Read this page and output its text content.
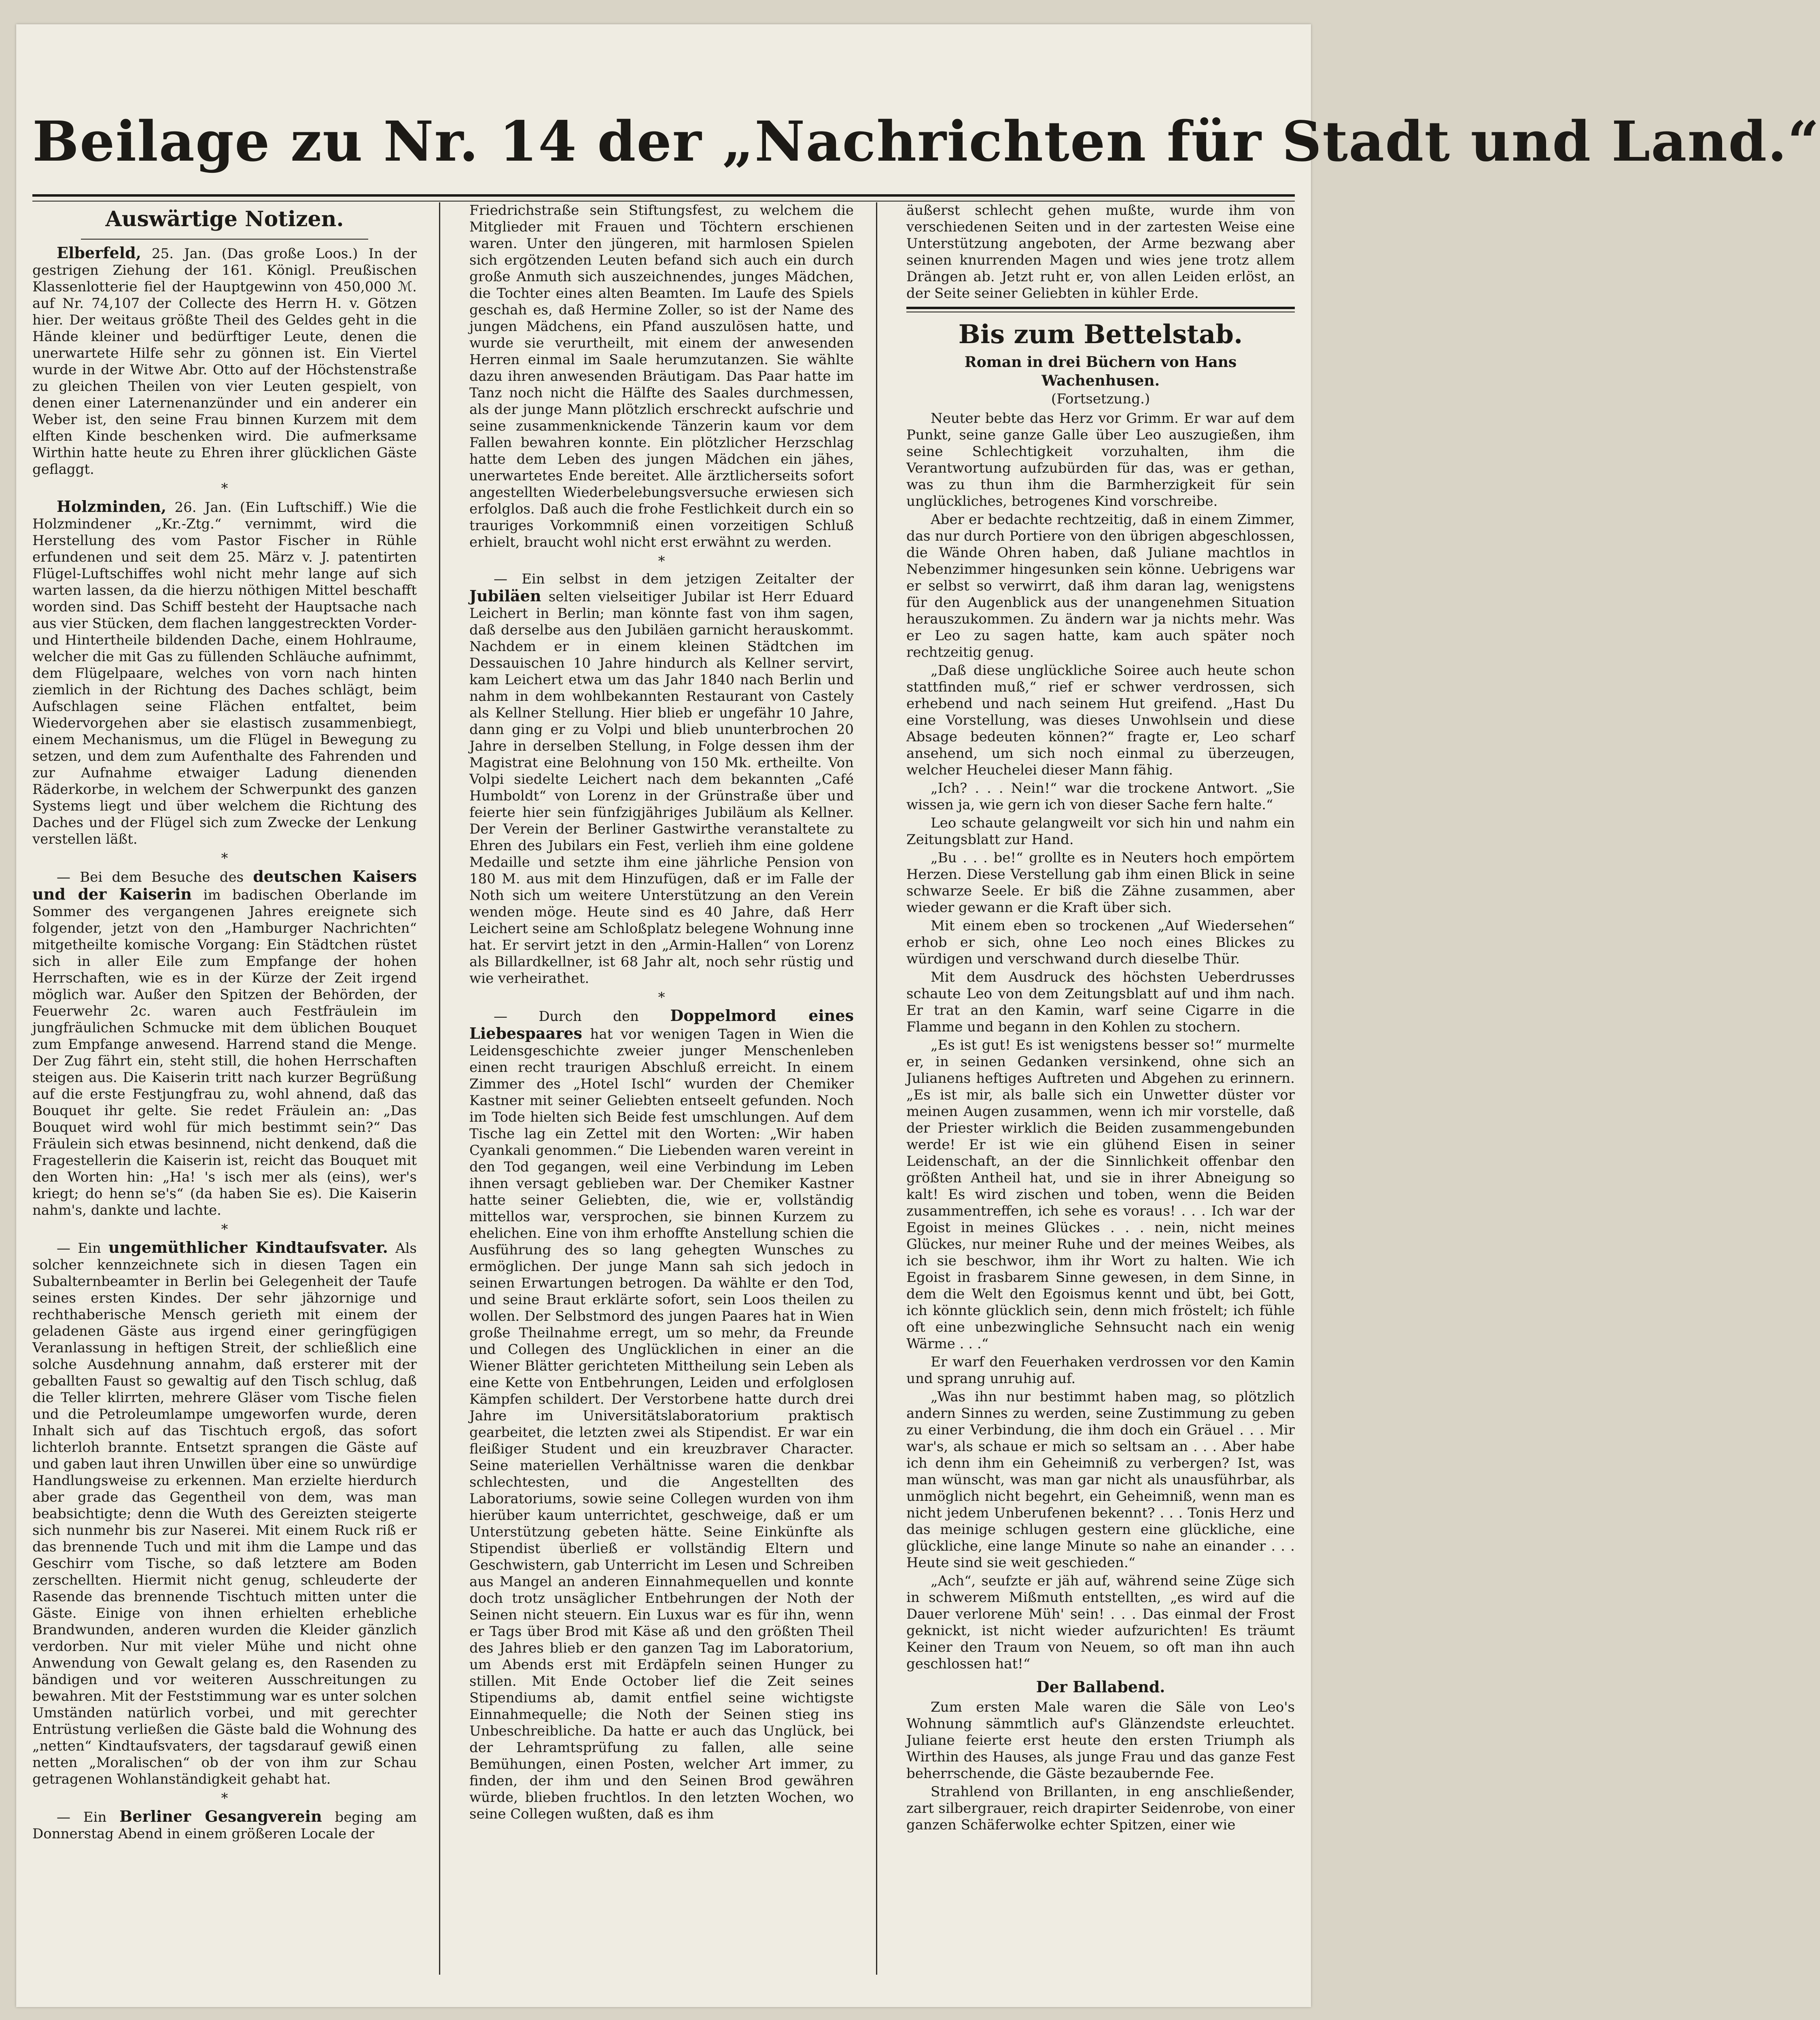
Beilage zu Nr. 14 der „Nachrichten für Stadt und Land.“
Auswärtige Notizen.

Elberfeld, 25. Jan. (Das große Loos.) In der gestrigen Ziehung der 161. Königl. Preußischen Klassenlotterie fiel der Hauptgewinn von 450,000 ℳ. auf Nr. 74,107 der Collecte des Herrn H. v. Götzen hier. Der weitaus größte Theil des Geldes geht in die Hände kleiner und bedürftiger Leute, denen die unerwartete Hilfe sehr zu gönnen ist. Ein Viertel wurde in der Witwe Abr. Otto auf der Höchstenstraße zu gleichen Theilen von vier Leuten gespielt, von denen einer Laternenanzünder und ein anderer ein Weber ist, den seine Frau binnen Kurzem mit dem elften Kinde beschenken wird. Die aufmerksame Wirthin hatte heute zu Ehren ihrer glücklichen Gäste geflaggt.

*

Holzminden, 26. Jan. (Ein Luftschiff.) Wie die Holzmindener „Kr.-Ztg.“ vernimmt, wird die Herstellung des vom Pastor Fischer in Rühle erfundenen und seit dem 25. März v. J. patentirten Flügel-Luftschiffes wohl nicht mehr lange auf sich warten lassen, da die hierzu nöthigen Mittel beschafft worden sind. Das Schiff besteht der Hauptsache nach aus vier Stücken, dem flachen langgestreckten Vorder- und Hintertheile bildenden Dache, einem Hohlraume, welcher die mit Gas zu füllenden Schläuche aufnimmt, dem Flügelpaare, welches von vorn nach hinten ziemlich in der Richtung des Daches schlägt, beim Aufschlagen seine Flächen entfaltet, beim Wiedervorgehen aber sie elastisch zusammenbiegt, einem Mechanismus, um die Flügel in Bewegung zu setzen, und dem zum Aufenthalte des Fahrenden und zur Aufnahme etwaiger Ladung dienenden Räderkorbe, in welchem der Schwerpunkt des ganzen Systems liegt und über welchem die Richtung des Daches und der Flügel sich zum Zwecke der Lenkung verstellen läßt.

*

— Bei dem Besuche des deutschen Kaisers und der Kaiserin im badischen Oberlande im Sommer des vergangenen Jahres ereignete sich folgender, jetzt von den „Hamburger Nachrichten“ mitgetheilte komische Vorgang: Ein Städtchen rüstet sich in aller Eile zum Empfange der hohen Herrschaften, wie es in der Kürze der Zeit irgend möglich war. Außer den Spitzen der Behörden, der Feuerwehr 2c. waren auch Festfräulein im jungfräulichen Schmucke mit dem üblichen Bouquet zum Empfange anwesend. Harrend stand die Menge. Der Zug fährt ein, steht still, die hohen Herrschaften steigen aus. Die Kaiserin tritt nach kurzer Begrüßung auf die erste Festjungfrau zu, wohl ahnend, daß das Bouquet ihr gelte. Sie redet Fräulein an: „Das Bouquet wird wohl für mich bestimmt sein?“ Das Fräulein sich etwas besinnend, nicht denkend, daß die Fragestellerin die Kaiserin ist, reicht das Bouquet mit den Worten hin: „Ha! 's isch mer als (eins), wer's kriegt; do henn se's“ (da haben Sie es). Die Kaiserin nahm's, dankte und lachte.

*

— Ein ungemüthlicher Kindtaufsvater. Als solcher kennzeichnete sich in diesen Tagen ein Subalternbeamter in Berlin bei Gelegenheit der Taufe seines ersten Kindes. Der sehr jähzornige und rechthaberische Mensch gerieth mit einem der geladenen Gäste aus irgend einer geringfügigen Veranlassung in heftigen Streit, der schließlich eine solche Ausdehnung annahm, daß ersterer mit der geballten Faust so gewaltig auf den Tisch schlug, daß die Teller klirrten, mehrere Gläser vom Tische fielen und die Petroleumlampe umgeworfen wurde, deren Inhalt sich auf das Tischtuch ergoß, das sofort lichterloh brannte. Entsetzt sprangen die Gäste auf und gaben laut ihren Unwillen über eine so unwürdige Handlungsweise zu erkennen. Man erzielte hierdurch aber grade das Gegentheil von dem, was man beabsichtigte; denn die Wuth des Gereizten steigerte sich nunmehr bis zur Naserei. Mit einem Ruck riß er das brennende Tuch und mit ihm die Lampe und das Geschirr vom Tische, so daß letztere am Boden zerschellten. Hiermit nicht genug, schleuderte der Rasende das brennende Tischtuch mitten unter die Gäste. Einige von ihnen erhielten erhebliche Brandwunden, anderen wurden die Kleider gänzlich verdorben. Nur mit vieler Mühe und nicht ohne Anwendung von Gewalt gelang es, den Rasenden zu bändigen und vor weiteren Ausschreitungen zu bewahren. Mit der Feststimmung war es unter solchen Umständen natürlich vorbei, und mit gerechter Entrüstung verließen die Gäste bald die Wohnung des „netten“ Kindtaufsvaters, der tagsdarauf gewiß einen netten „Moralischen“ ob der von ihm zur Schau getragenen Wohlanständigkeit gehabt hat.

*

— Ein Berliner Gesangverein beging am Donnerstag Abend in einem größeren Locale der

Friedrichstraße sein Stiftungsfest, zu welchem die Mitglieder mit Frauen und Töchtern erschienen waren. Unter den jüngeren, mit harmlosen Spielen sich ergötzenden Leuten befand sich auch ein durch große Anmuth sich auszeichnendes, junges Mädchen, die Tochter eines alten Beamten. Im Laufe des Spiels geschah es, daß Hermine Zoller, so ist der Name des jungen Mädchens, ein Pfand auszulösen hatte, und wurde sie verurtheilt, mit einem der anwesenden Herren einmal im Saale herumzutanzen. Sie wählte dazu ihren anwesenden Bräutigam. Das Paar hatte im Tanz noch nicht die Hälfte des Saales durchmessen, als der junge Mann plötzlich erschreckt aufschrie und seine zusammenknickende Tänzerin kaum vor dem Fallen bewahren konnte. Ein plötzlicher Herzschlag hatte dem Leben des jungen Mädchen ein jähes, unerwartetes Ende bereitet. Alle ärztlicherseits sofort angestellten Wiederbelebungsversuche erwiesen sich erfolglos. Daß auch die frohe Festlichkeit durch ein so trauriges Vorkommniß einen vorzeitigen Schluß erhielt, braucht wohl nicht erst erwähnt zu werden.

*

— Ein selbst in dem jetzigen Zeitalter der Jubiläen selten vielseitiger Jubilar ist Herr Eduard Leichert in Berlin; man könnte fast von ihm sagen, daß derselbe aus den Jubiläen garnicht herauskommt. Nachdem er in einem kleinen Städtchen im Dessauischen 10 Jahre hindurch als Kellner servirt, kam Leichert etwa um das Jahr 1840 nach Berlin und nahm in dem wohlbekannten Restaurant von Castely als Kellner Stellung. Hier blieb er ungefähr 10 Jahre, dann ging er zu Volpi und blieb ununterbrochen 20 Jahre in derselben Stellung, in Folge dessen ihm der Magistrat eine Belohnung von 150 Mk. ertheilte. Von Volpi siedelte Leichert nach dem bekannten „Café Humboldt“ von Lorenz in der Grünstraße über und feierte hier sein fünfzigjähriges Jubiläum als Kellner. Der Verein der Berliner Gastwirthe veranstaltete zu Ehren des Jubilars ein Fest, verlieh ihm eine goldene Medaille und setzte ihm eine jährliche Pension von 180 M. aus mit dem Hinzufügen, daß er im Falle der Noth sich um weitere Unterstützung an den Verein wenden möge. Heute sind es 40 Jahre, daß Herr Leichert seine am Schloßplatz belegene Wohnung inne hat. Er servirt jetzt in den „Armin-Hallen“ von Lorenz als Billardkellner, ist 68 Jahr alt, noch sehr rüstig und wie verheirathet.

*

— Durch den Doppelmord eines Liebespaares hat vor wenigen Tagen in Wien die Leidensgeschichte zweier junger Menschenleben einen recht traurigen Abschluß erreicht. In einem Zimmer des „Hotel Ischl“ wurden der Chemiker Kastner mit seiner Geliebten entseelt gefunden. Noch im Tode hielten sich Beide fest umschlungen. Auf dem Tische lag ein Zettel mit den Worten: „Wir haben Cyankali genommen.“ Die Liebenden waren vereint in den Tod gegangen, weil eine Verbindung im Leben ihnen versagt geblieben war. Der Chemiker Kastner hatte seiner Geliebten, die, wie er, vollständig mittellos war, versprochen, sie binnen Kurzem zu ehelichen. Eine von ihm erhoffte Anstellung schien die Ausführung des so lang gehegten Wunsches zu ermöglichen. Der junge Mann sah sich jedoch in seinen Erwartungen betrogen. Da wählte er den Tod, und seine Braut erklärte sofort, sein Loos theilen zu wollen. Der Selbstmord des jungen Paares hat in Wien große Theilnahme erregt, um so mehr, da Freunde und Collegen des Unglücklichen in einer an die Wiener Blätter gerichteten Mittheilung sein Leben als eine Kette von Entbehrungen, Leiden und erfolglosen Kämpfen schildert. Der Verstorbene hatte durch drei Jahre im Universitätslaboratorium praktisch gearbeitet, die letzten zwei als Stipendist. Er war ein fleißiger Student und ein kreuzbraver Character. Seine materiellen Verhältnisse waren die denkbar schlechtesten, und die Angestellten des Laboratoriums, sowie seine Collegen wurden von ihm hierüber kaum unterrichtet, geschweige, daß er um Unterstützung gebeten hätte. Seine Einkünfte als Stipendist überließ er vollständig Eltern und Geschwistern, gab Unterricht im Lesen und Schreiben aus Mangel an anderen Einnahmequellen und konnte doch trotz unsäglicher Entbehrungen der Noth der Seinen nicht steuern. Ein Luxus war es für ihn, wenn er Tags über Brod mit Käse aß und den größten Theil des Jahres blieb er den ganzen Tag im Laboratorium, um Abends erst mit Erdäpfeln seinen Hunger zu stillen. Mit Ende October lief die Zeit seines Stipendiums ab, damit entfiel seine wichtigste Einnahmequelle; die Noth der Seinen stieg ins Unbeschreibliche. Da hatte er auch das Unglück, bei der Lehramtsprüfung zu fallen, alle seine Bemühungen, einen Posten, welcher Art immer, zu finden, der ihm und den Seinen Brod gewähren würde, blieben fruchtlos. In den letzten Wochen, wo seine Collegen wußten, daß es ihm

äußerst schlecht gehen mußte, wurde ihm von verschiedenen Seiten und in der zartesten Weise eine Unterstützung angeboten, der Arme bezwang aber seinen knurrenden Magen und wies jene trotz allem Drängen ab. Jetzt ruht er, von allen Leiden erlöst, an der Seite seiner Geliebten in kühler Erde.

Bis zum Bettelstab.
Roman in drei Büchern von Hans Wachenhusen.
(Fortsetzung.)

Neuter bebte das Herz vor Grimm. Er war auf dem Punkt, seine ganze Galle über Leo auszugießen, ihm seine Schlechtigkeit vorzuhalten, ihm die Verantwortung aufzubürden für das, was er gethan, was zu thun ihm die Barmherzigkeit für sein unglückliches, betrogenes Kind vorschreibe.

Aber er bedachte rechtzeitig, daß in einem Zimmer, das nur durch Portiere von den übrigen abgeschlossen, die Wände Ohren haben, daß Juliane machtlos in Nebenzimmer hingesunken sein könne. Uebrigens war er selbst so verwirrt, daß ihm daran lag, wenigstens für den Augenblick aus der unangenehmen Situation herauszukommen. Zu ändern war ja nichts mehr. Was er Leo zu sagen hatte, kam auch später noch rechtzeitig genug.

„Daß diese unglückliche Soiree auch heute schon stattfinden muß,“ rief er schwer verdrossen, sich erhebend und nach seinem Hut greifend. „Hast Du eine Vorstellung, was dieses Unwohlsein und diese Absage bedeuten können?“ fragte er, Leo scharf ansehend, um sich noch einmal zu überzeugen, welcher Heuchelei dieser Mann fähig.

„Ich? . . . Nein!“ war die trockene Antwort. „Sie wissen ja, wie gern ich von dieser Sache fern halte.“

Leo schaute gelangweilt vor sich hin und nahm ein Zeitungsblatt zur Hand.

„Bu . . . be!“ grollte es in Neuters hoch empörtem Herzen. Diese Verstellung gab ihm einen Blick in seine schwarze Seele. Er biß die Zähne zusammen, aber wieder gewann er die Kraft über sich.

Mit einem eben so trockenen „Auf Wiedersehen“ erhob er sich, ohne Leo noch eines Blickes zu würdigen und verschwand durch dieselbe Thür.

Mit dem Ausdruck des höchsten Ueberdrusses schaute Leo von dem Zeitungsblatt auf und ihm nach. Er trat an den Kamin, warf seine Cigarre in die Flamme und begann in den Kohlen zu stochern.

„Es ist gut! Es ist wenigstens besser so!“ murmelte er, in seinen Gedanken versinkend, ohne sich an Julianens heftiges Auftreten und Abgehen zu erinnern. „Es ist mir, als balle sich ein Unwetter düster vor meinen Augen zusammen, wenn ich mir vorstelle, daß der Priester wirklich die Beiden zusammengebunden werde! Er ist wie ein glühend Eisen in seiner Leidenschaft, an der die Sinnlichkeit offenbar den größten Antheil hat, und sie in ihrer Abneigung so kalt! Es wird zischen und toben, wenn die Beiden zusammentreffen, ich sehe es voraus! . . . Ich war der Egoist in meines Glückes . . . nein, nicht meines Glückes, nur meiner Ruhe und der meines Weibes, als ich sie beschwor, ihm ihr Wort zu halten. Wie ich Egoist in frasbarem Sinne gewesen, in dem Sinne, in dem die Welt den Egoismus kennt und übt, bei Gott, ich könnte glücklich sein, denn mich fröstelt; ich fühle oft eine unbezwingliche Sehnsucht nach ein wenig Wärme . . .“

Er warf den Feuerhaken verdrossen vor den Kamin und sprang unruhig auf.

„Was ihn nur bestimmt haben mag, so plötzlich andern Sinnes zu werden, seine Zustimmung zu geben zu einer Verbindung, die ihm doch ein Gräuel . . . Mir war's, als schaue er mich so seltsam an . . . Aber habe ich denn ihm ein Geheimniß zu verbergen? Ist, was man wünscht, was man gar nicht als unausführbar, als unmöglich nicht begehrt, ein Geheimniß, wenn man es nicht jedem Unberufenen bekennt? . . . Tonis Herz und das meinige schlugen gestern eine glückliche, eine glückliche, eine lange Minute so nahe an einander . . . Heute sind sie weit geschieden.“

„Ach“, seufzte er jäh auf, während seine Züge sich in schwerem Mißmuth entstellten, „es wird auf die Dauer verlorene Müh' sein! . . . Das einmal der Frost geknickt, ist nicht wieder aufzurichten! Es träumt Keiner den Traum von Neuem, so oft man ihn auch geschlossen hat!“

Der Ballabend.

Zum ersten Male waren die Säle von Leo's Wohnung sämmtlich auf's Glänzendste erleuchtet. Juliane feierte erst heute den ersten Triumph als Wirthin des Hauses, als junge Frau und das ganze Fest beherrschende, die Gäste bezaubernde Fee.

Strahlend von Brillanten, in eng anschließender, zart silbergrauer, reich drapirter Seidenrobe, von einer ganzen Schäferwolke echter Spitzen, einer wie
